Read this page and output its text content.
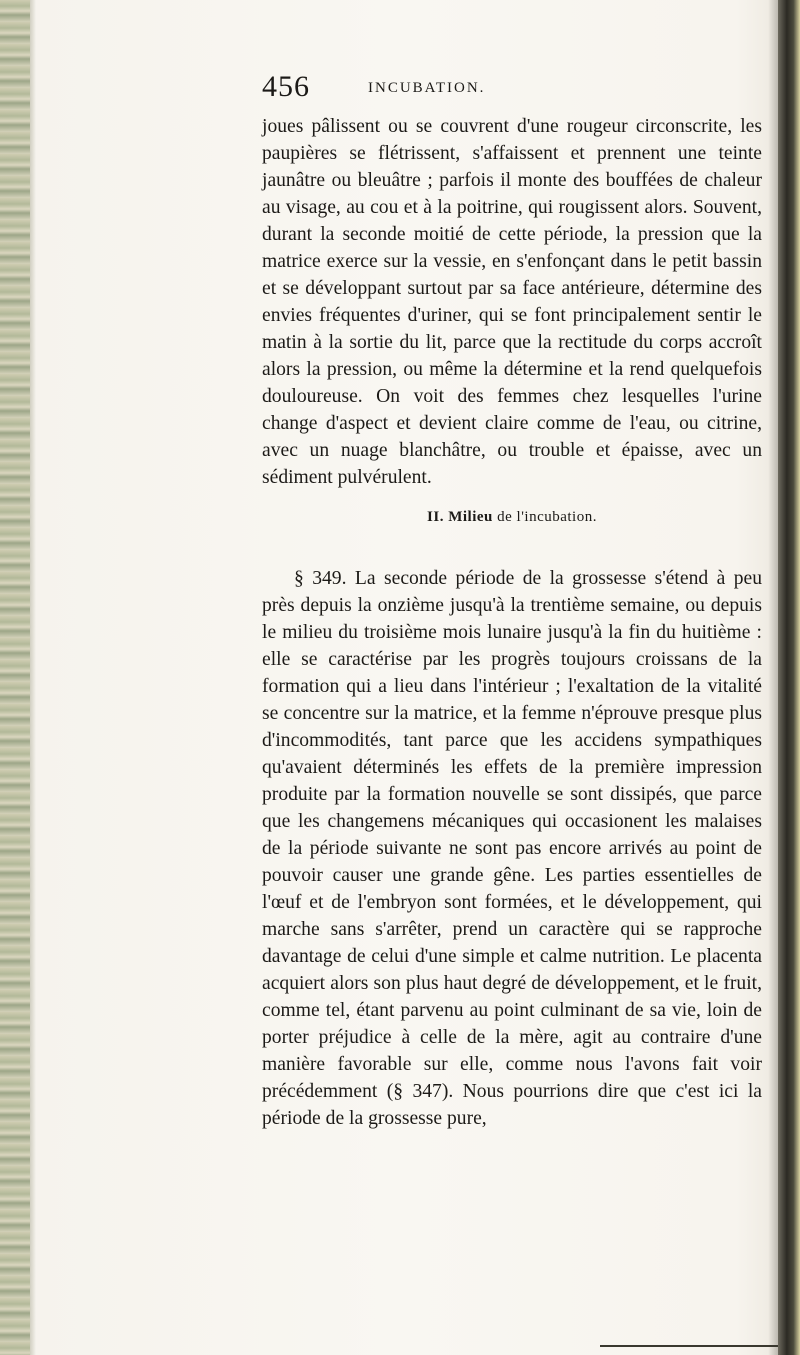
456	INCUBATION.
joues pâlissent ou se couvrent d'une rougeur circonscrite, les paupières se flétrissent, s'affaissent et prennent une teinte jaunâtre ou bleuâtre ; parfois il monte des bouffées de chaleur au visage, au cou et à la poitrine, qui rougissent alors. Souvent, durant la seconde moitié de cette période, la pression que la matrice exerce sur la vessie, en s'enfonçant dans le petit bassin et se développant surtout par sa face antérieure, détermine des envies fréquentes d'uriner, qui se font principalement sentir le matin à la sortie du lit, parce que la rectitude du corps accroît alors la pression, ou même la détermine et la rend quelquefois douloureuse. On voit des femmes chez lesquelles l'urine change d'aspect et devient claire comme de l'eau, ou citrine, avec un nuage blanchâtre, ou trouble et épaisse, avec un sédiment pulvérulent.
II. Milieu de l'incubation.
§ 349. La seconde période de la grossesse s'étend à peu près depuis la onzième jusqu'à la trentième semaine, ou depuis le milieu du troisième mois lunaire jusqu'à la fin du huitième : elle se caractérise par les progrès toujours croissans de la formation qui a lieu dans l'intérieur ; l'exaltation de la vitalité se concentre sur la matrice, et la femme n'éprouve presque plus d'incommodités, tant parce que les accidens sympathiques qu'avaient déterminés les effets de la première impression produite par la formation nouvelle se sont dissipés, que parce que les changemens mécaniques qui occasionent les malaises de la période suivante ne sont pas encore arrivés au point de pouvoir causer une grande gêne. Les parties essentielles de l'œuf et de l'embryon sont formées, et le développement, qui marche sans s'arrêter, prend un caractère qui se rapproche davantage de celui d'une simple et calme nutrition. Le placenta acquiert alors son plus haut degré de développement, et le fruit, comme tel, étant parvenu au point culminant de sa vie, loin de porter préjudice à celle de la mère, agit au contraire d'une manière favorable sur elle, comme nous l'avons fait voir précédemment (§ 347). Nous pourrions dire que c'est ici la période de la grossesse pure,
